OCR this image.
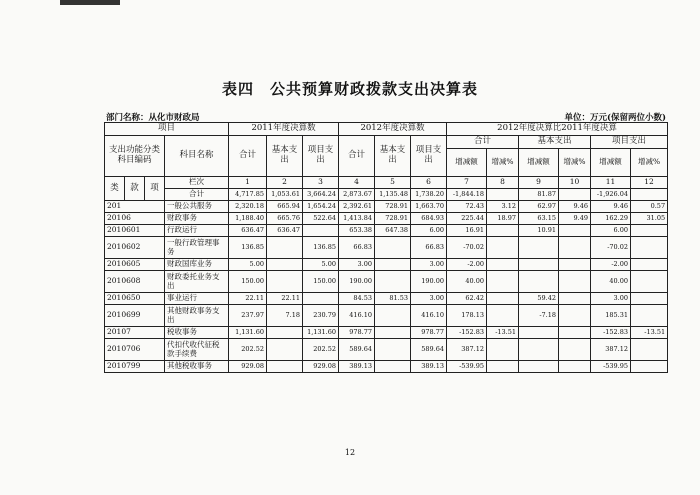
表四　公共预算财政拨款支出决算表
部门名称：从化市财政局	单位：万元(保留两位小数)
项目				2011年度决算数			2012年度决算数			2012年度决算比2011年度决算					
支出功能分类科目编码			科目名称	合计	基本支出	项目支出	合计	基本支出	项目支出	合计		基本支出		项目支出	
										增减额	增减%	增减额	增减%	增减额	增减%
类	款	项	栏次	1	2	3	4	5	6	7	8	9	10	11	12
			合计	4,717.85	1,053.61	3,664.24	2,873.67	1,135.48	1,738.20	-1,844.18		81.87		-1,926.04	
201			一般公共服务	2,320.18	665.94	1,654.24	2,392.61	728.91	1,663.70	72.43	3.12	62.97	9.46	9.46	0.57
20106			财政事务	1,188.40	665.76	522.64	1,413.84	728.91	684.93	225.44	18.97	63.15	9.49	162.29	31.05
2010601			行政运行	636.47	636.47		653.38	647.38	6.00	16.91		10.91		6.00	
2010602			一般行政管理事务	136.85		136.85	66.83		66.83	-70.02				-70.02	
2010605			财政国库业务	5.00		5.00	3.00		3.00	-2.00				-2.00	
2010608			财政委托业务支出	150.00		150.00	190.00		190.00	40.00				40.00	
2010650			事业运行	22.11	22.11		84.53	81.53	3.00	62.42		59.42		3.00	
2010699			其他财政事务支出	237.97	7.18	230.79	416.10		416.10	178.13		-7.18		185.31	
20107			税收事务	1,131.60		1,131.60	978.77		978.77	-152.83	-13.51			-152.83	-13.51
2010706			代扣代收代征税款手续费	202.52		202.52	589.64		589.64	387.12				387.12	
2010799			其他税收事务	929.08		929.08	389.13		389.13	-539.95				-539.95	
12
